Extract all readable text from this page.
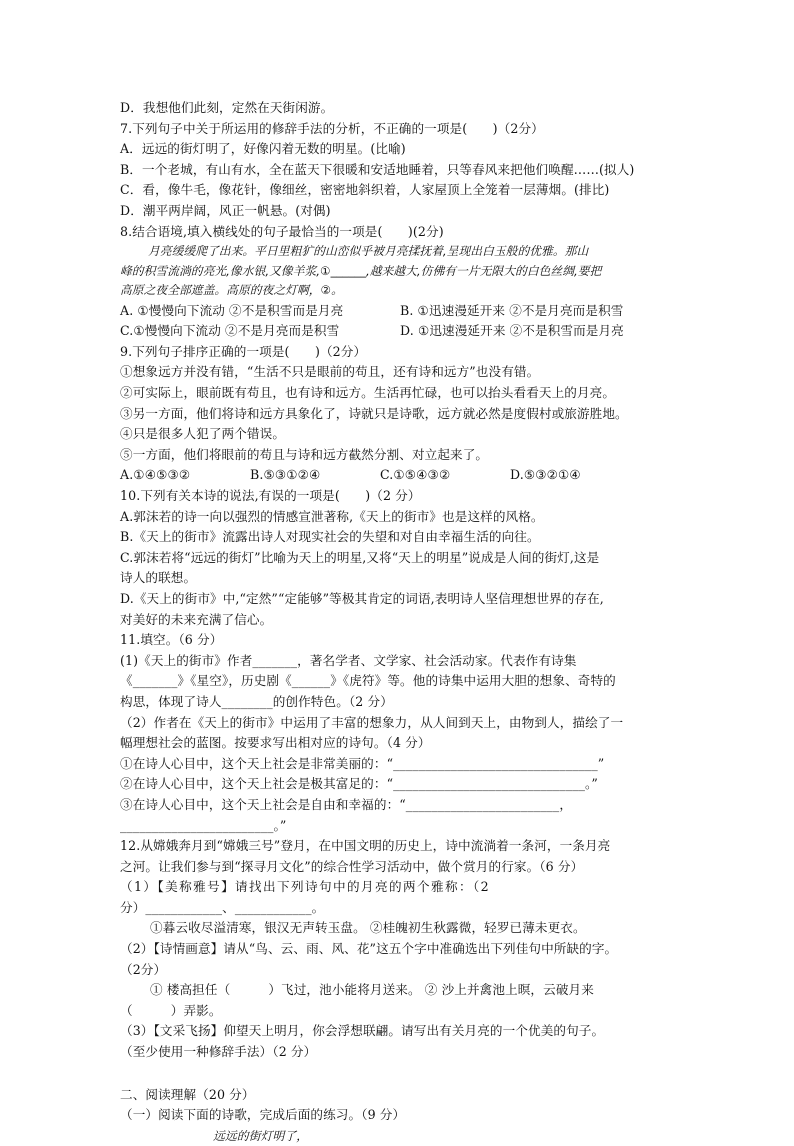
D．我想他们此刻，定然在天街闲游。
7.下列句子中关于所运用的修辞手法的分析，不正确的一项是(　　)（2分）
A．远远的街灯明了，好像闪着无数的明星。(比喻)
B．一个老城，有山有水，全在蓝天下很暖和安适地睡着，只等春风来把他们唤醒……(拟人)
C．看，像牛毛，像花针，像细丝，密密地斜织着，人家屋顶上全笼着一层薄烟。(排比)
D．潮平两岸阔，风正一帆悬。(对偶)
8.结合语境,填入横线处的句子最恰当的一项是(　　)(2分)
月亮缓缓爬了出来。平日里粗犷的山峦似乎被月亮揉抚着,呈现出白玉般的优雅。那山
峰的积雪流淌的亮光,像水银,又像羊浆,①______,越来越大,仿佛有一片无限大的白色丝绸,要把
高原之夜全部遮盖。高原的夜之灯啊，②。
A. ①慢慢向下流动 ②不是积雪而是月亮	B. ①迅速漫延开来 ②不是月亮而是积雪
C.①慢慢向下流动 ②不是月亮而是积雪	D. ①迅速漫延开来 ②不是积雪而是月亮
9.下列句子排序正确的一项是(　　)（2分）
①想象远方并没有错，“生活不只是眼前的苟且，还有诗和远方”也没有错。
②可实际上，眼前既有苟且，也有诗和远方。生活再忙碌，也可以抬头看看天上的月亮。
③另一方面，他们将诗和远方具象化了，诗就只是诗歌，远方就必然是度假村或旅游胜地。
④只是很多人犯了两个错误。
⑤一方面，他们将眼前的苟且与诗和远方截然分割、对立起来了。
A.①④⑤③②	B.⑤③①②④	C.①⑤④③②	D.⑤③②①④
10.下列有关本诗的说法,有误的一项是(　　)（2 分）
A.郭沫若的诗一向以强烈的情感宣泄著称,《天上的街市》也是这样的风格。
B.《天上的街市》流露出诗人对现实社会的失望和对自由幸福生活的向往。
C.郭沫若将“远远的街灯”比喻为天上的明星,又将“天上的明星”说成是人间的街灯,这是
诗人的联想。
D.《天上的街市》中,“定然”“定能够”等极其肯定的词语,表明诗人坚信理想世界的存在,
对美好的未来充满了信心。
11.填空。（6 分）
(1)《天上的街市》作者_______，著名学者、文学家、社会活动家。代表作有诗集
《_______》《星空》，历史剧《______》《虎符》等。他的诗集中运用大胆的想象、奇特的
构思，体现了诗人________的创作特色。（2 分）
（2）作者在《天上的街市》中运用了丰富的想象力，从人间到天上，由物到人，描绘了一
幅理想社会的蓝图。按要求写出相对应的诗句。（4 分）
①在诗人心目中，这个天上社会是非常美丽的：“________________________________”
②在诗人心目中，这个天上社会是极其富足的：“______________________________。”
③在诗人心目中，这个天上社会是自由和幸福的：“________________________，
________________________。”
12.从嫦娥奔月到“嫦娥三号”登月，在中国文明的历史上，诗中流淌着一条河，一条月亮
之河。让我们参与到“探寻月文化”的综合性学习活动中，做个赏月的行家。（6 分）
（1）【美称雅号】请找出下列诗句中的月亮的两个雅称：（2
分）____________、____________。
①暮云收尽溢清寒，银汉无声转玉盘。 ②桂魄初生秋露微，轻罗已薄未更衣。
（2）【诗情画意】请从“鸟、云、雨、风、花”这五个字中准确选出下列佳句中所缺的字。
（2分）
① 楼高担任（　　　）飞过，池小能将月送来。 ② 沙上并禽池上暝，云破月来
（　　　）弄影。
（3）【文采飞扬】仰望天上明月，你会浮想联翩。请写出有关月亮的一个优美的句子。
（至少使用一种修辞手法）（2 分）
二、阅读理解（20 分）
（一）阅读下面的诗歌，完成后面的练习。（9 分）
远远的街灯明了，
